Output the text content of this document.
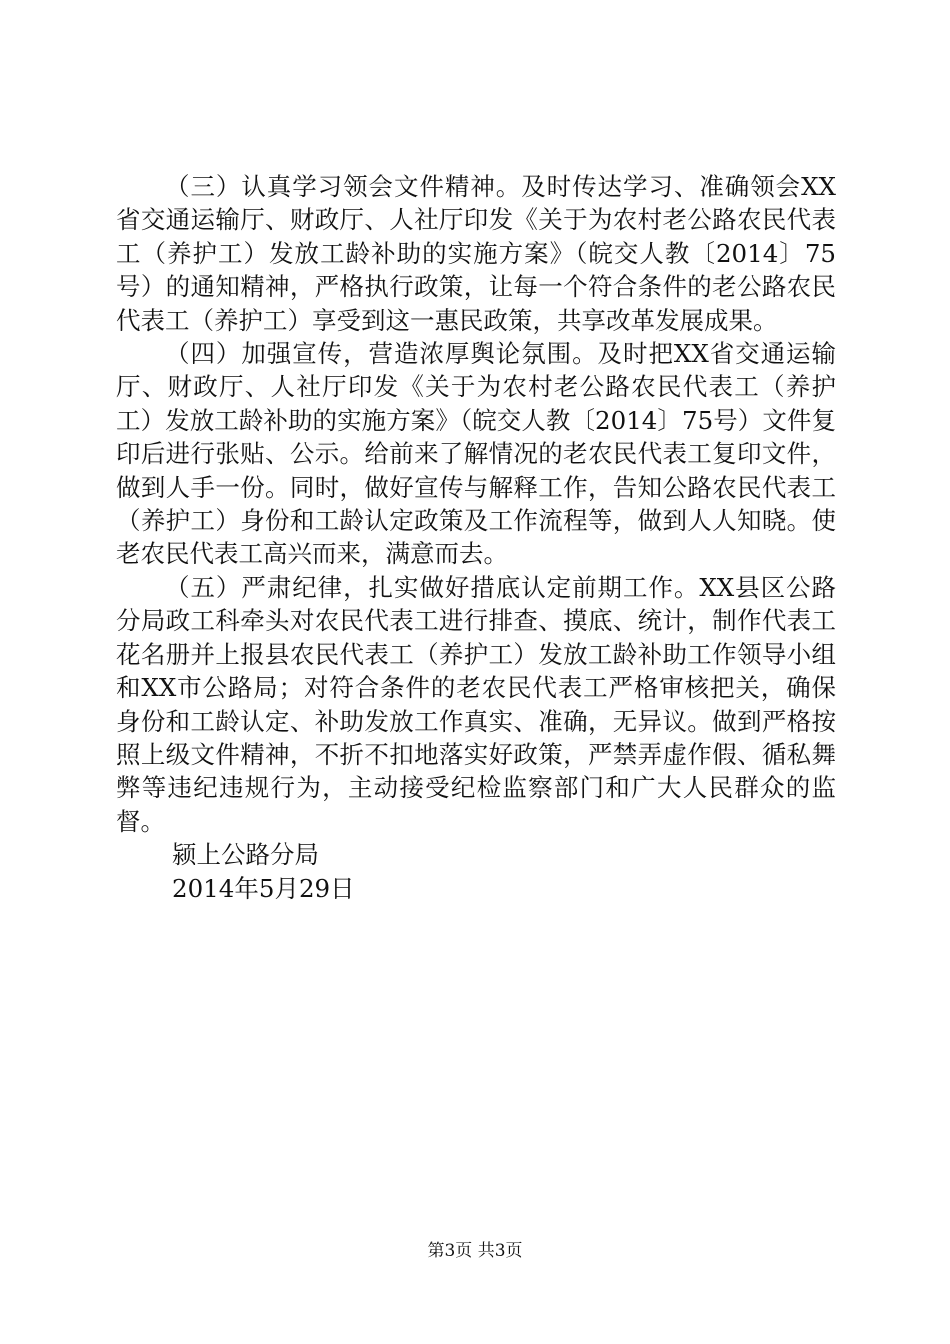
（三）认真学习领会文件精神。及时传达学习、准确领会XX省交通运输厅、财政厅、人社厅印发《关于为农村老公路农民代表工（养护工）发放工龄补助的实施方案》（皖交人教〔2014〕75号）的通知精神，严格执行政策，让每一个符合条件的老公路农民代表工（养护工）享受到这一惠民政策，共享改革发展成果。

（四）加强宣传，营造浓厚舆论氛围。及时把XX省交通运输厅、财政厅、人社厅印发《关于为农村老公路农民代表工（养护工）发放工龄补助的实施方案》（皖交人教〔2014〕75号）文件复印后进行张贴、公示。给前来了解情况的老农民代表工复印文件，做到人手一份。同时，做好宣传与解释工作，告知公路农民代表工（养护工）身份和工龄认定政策及工作流程等，做到人人知晓。使老农民代表工高兴而来，满意而去。

（五）严肃纪律，扎实做好措底认定前期工作。XX县区公路分局政工科牵头对农民代表工进行排查、摸底、统计，制作代表工花名册并上报县农民代表工（养护工）发放工龄补助工作领导小组和XX市公路局；对符合条件的老农民代表工严格审核把关，确保身份和工龄认定、补助发放工作真实、准确，无异议。做到严格按照上级文件精神，不折不扣地落实好政策，严禁弄虚作假、循私舞弊等违纪违规行为，主动接受纪检监察部门和广大人民群众的监督。

颍上公路分局

2014年5月29日

第3页 共3页
